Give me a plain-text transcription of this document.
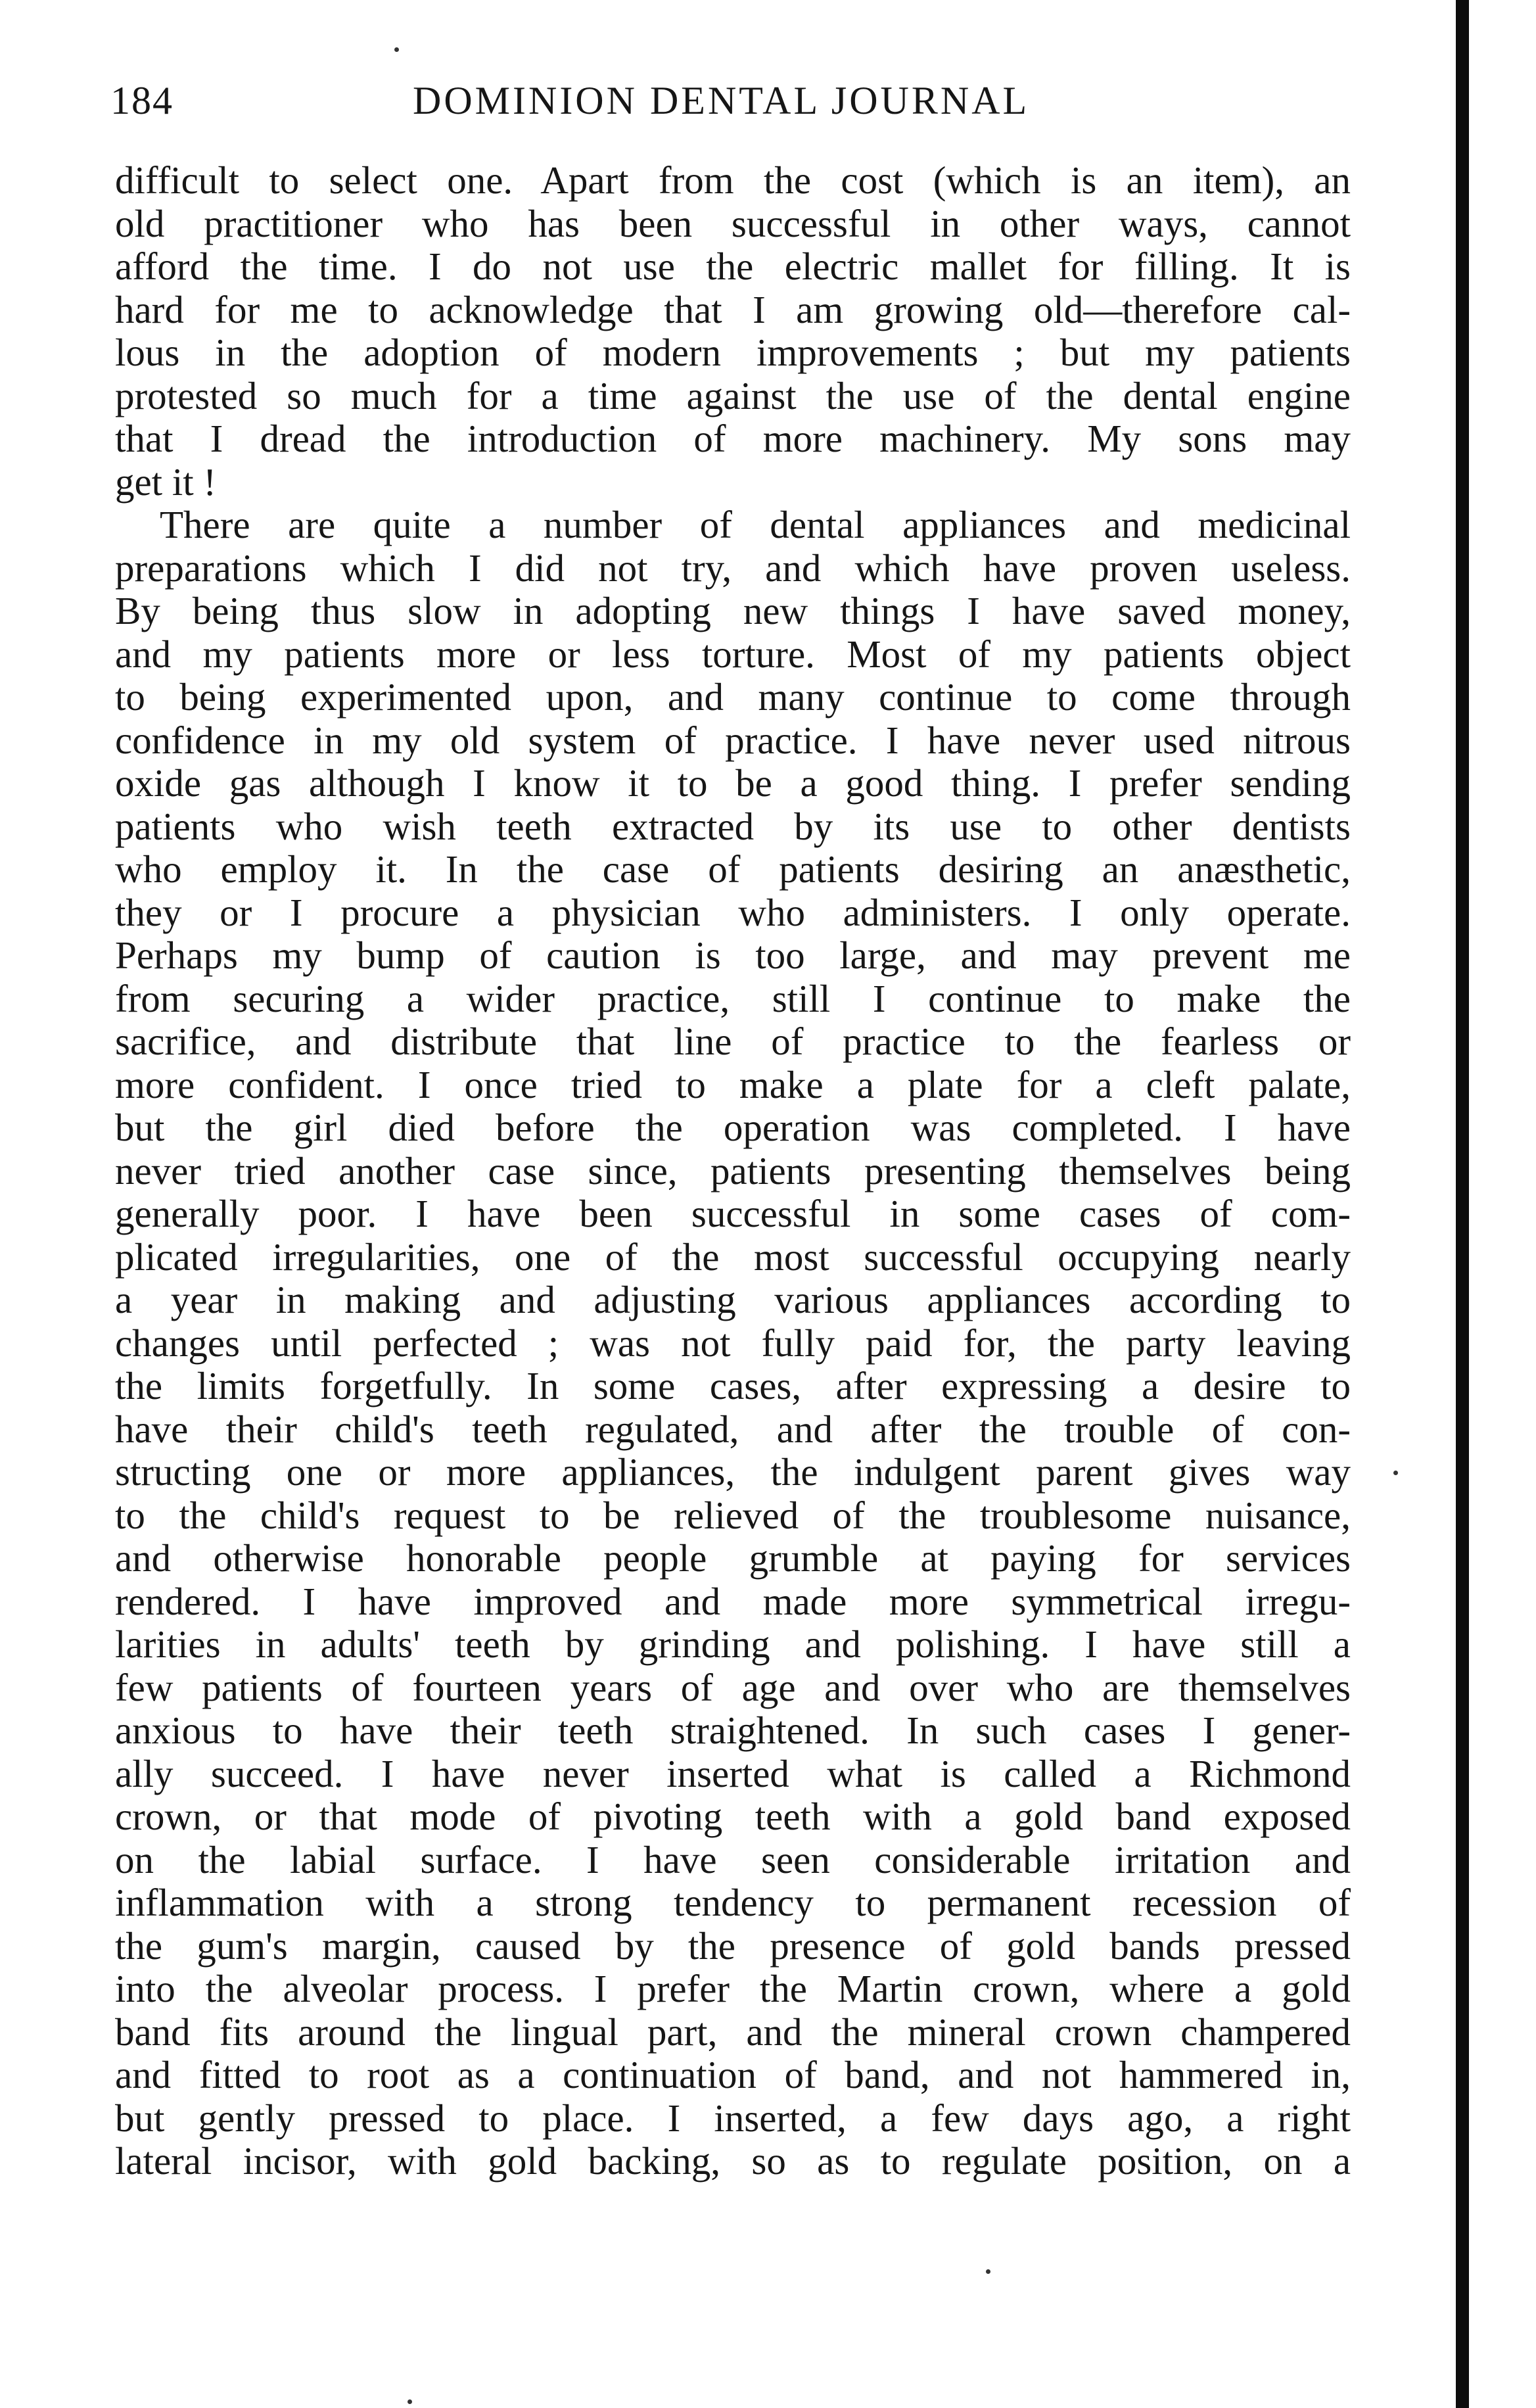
184	DOMINION DENTAL JOURNAL
difficult to select one. Apart from the cost (which is an item), an
old practitioner who has been successful in other ways, cannot
afford the time. I do not use the electric mallet for filling. It is
hard for me to acknowledge that I am growing old—therefore cal-
lous in the adoption of modern improvements ; but my patients
protested so much for a time against the use of the dental engine
that I dread the introduction of more machinery. My sons may
get it !
There are quite a number of dental appliances and medicinal
preparations which I did not try, and which have proven useless.
By being thus slow in adopting new things I have saved money,
and my patients more or less torture. Most of my patients object
to being experimented upon, and many continue to come through
confidence in my old system of practice. I have never used nitrous
oxide gas although I know it to be a good thing. I prefer sending
patients who wish teeth extracted by its use to other dentists
who employ it. In the case of patients desiring an anæsthetic,
they or I procure a physician who administers. I only operate.
Perhaps my bump of caution is too large, and may prevent me
from securing a wider practice, still I continue to make the
sacrifice, and distribute that line of practice to the fearless or
more confident. I once tried to make a plate for a cleft palate,
but the girl died before the operation was completed. I have
never tried another case since, patients presenting themselves being
generally poor. I have been successful in some cases of com-
plicated irregularities, one of the most successful occupying nearly
a year in making and adjusting various appliances according to
changes until perfected ; was not fully paid for, the party leaving
the limits forgetfully. In some cases, after expressing a desire to
have their child's teeth regulated, and after the trouble of con-
structing one or more appliances, the indulgent parent gives way
to the child's request to be relieved of the troublesome nuisance,
and otherwise honorable people grumble at paying for services
rendered. I have improved and made more symmetrical irregu-
larities in adults' teeth by grinding and polishing. I have still a
few patients of fourteen years of age and over who are themselves
anxious to have their teeth straightened. In such cases I gener-
ally succeed. I have never inserted what is called a Richmond
crown, or that mode of pivoting teeth with a gold band exposed
on the labial surface. I have seen considerable irritation and
inflammation with a strong tendency to permanent recession of
the gum's margin, caused by the presence of gold bands pressed
into the alveolar process. I prefer the Martin crown, where a gold
band fits around the lingual part, and the mineral crown champered
and fitted to root as a continuation of band, and not hammered in,
but gently pressed to place. I inserted, a few days ago, a right
lateral incisor, with gold backing, so as to regulate position, on a
